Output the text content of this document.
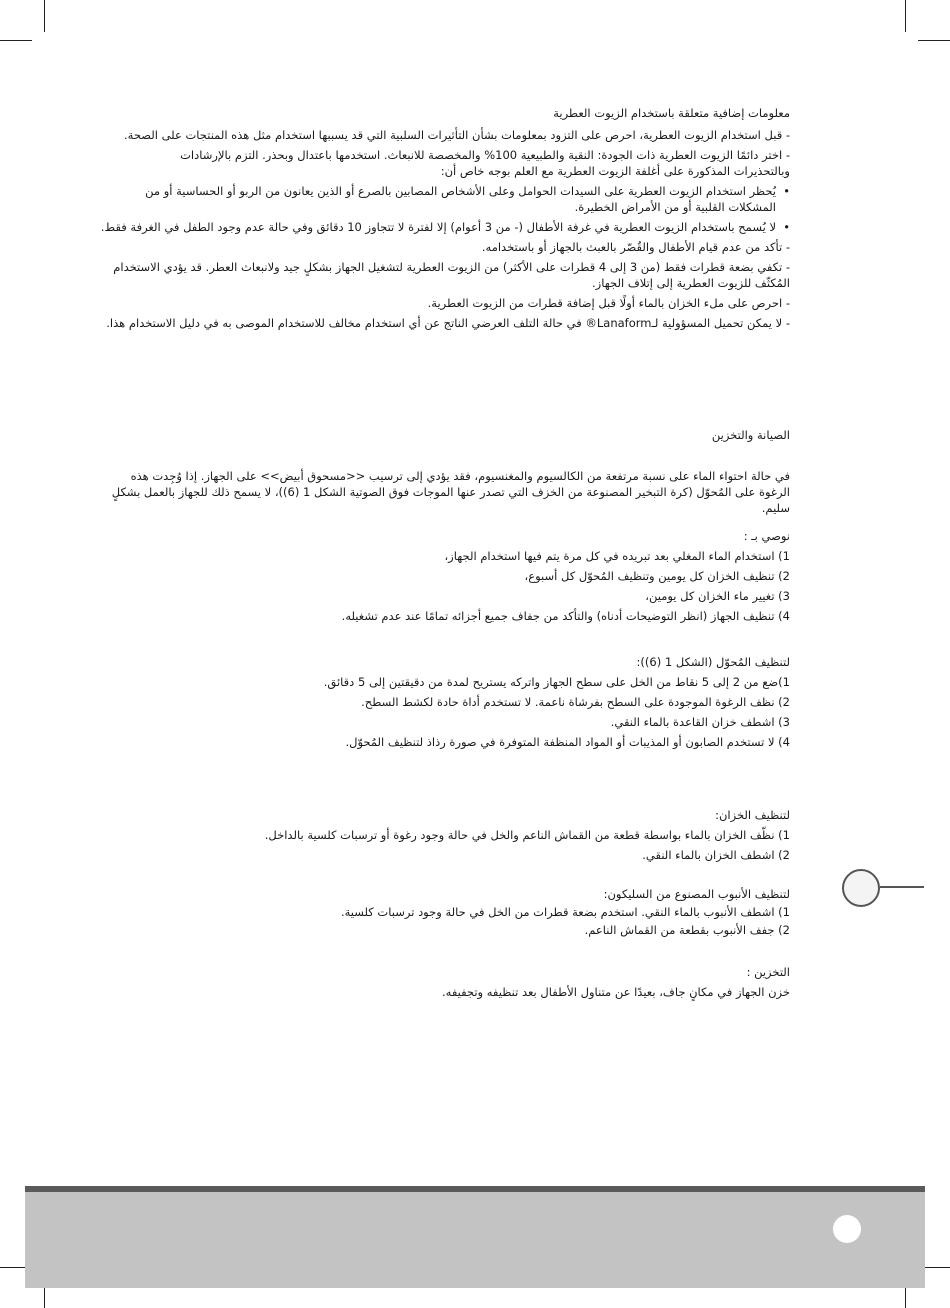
معلومات إضافية متعلقة باستخدام الزيوت العطرية
- قبل استخدام الزيوت العطرية، احرص على التزود بمعلومات بشأن التأثيرات السلبية التي قد يسببها استخدام مثل هذه المنتجات على الصحة.
- اختر دائمًا الزيوت العطرية ذات الجودة: النقية والطبيعية 100% والمخصصة للانبعاث. استخدمها باعتدال وبحذر. التزم بالإرشادات
وبالتحذيرات المذكورة على أغلفة الزيوت العطرية مع العلم بوجه خاص أن:
• يُحظر استخدام الزيوت العطرية على السيدات الحوامل وعلى الأشخاص المصابين بالصرع أو الذين يعانون من الربو أو الحساسية أو من المشكلات القلبية أو من الأمراض الخطيرة.
• لا يُسمح باستخدام الزيوت العطرية في غرفة الأطفال (- من 3 أعوام) إلا لفترة لا تتجاوز 10 دقائق وفي حالة عدم وجود الطفل في الغرفة فقط.
- تأكد من عدم قيام الأطفال والقُصّر بالعبث بالجهاز أو باستخدامه.
- تكفي بضعة قطرات فقط (من 3 إلى 4 قطرات على الأكثر) من الزيوت العطرية لتشغيل الجهاز بشكلٍ جيد ولانبعاث العطر. قد يؤدي الاستخدام المُكثّف للزيوت العطرية إلى إتلاف الجهاز.
- احرص على ملء الخزان بالماء أولًا قبل إضافة قطرات من الزيوت العطرية.
- لا يمكن تحميل المسؤولية لـLanaform® في حالة التلف العرضي الناتج عن أي استخدام مخالف للاستخدام الموصى به في دليل الاستخدام هذا.
الصيانة والتخزين
في حالة احتواء الماء على نسبة مرتفعة من الكالسيوم والمغنسيوم، فقد يؤدي إلى ترسيب <<مسحوق أبيض>> على الجهاز. إذا وُجِدت هذه الرغوة على المُحوّل (كرة التبخير المصنوعة من الخزف التي تصدر عنها الموجات فوق الصوتية الشكل 1 (6))، لا يسمح ذلك للجهاز بالعمل بشكلٍ سليم.
نوصي بـ :
1) استخدام الماء المغلي بعد تبريده في كل مرة يتم فيها استخدام الجهاز،
2) تنظيف الخزان كل يومين وتنظيف المُحوّل كل أسبوع،
3) تغيير ماء الخزان كل يومين،
4) تنظيف الجهاز (انظر التوضيحات أدناه) والتأكد من جفاف جميع أجزائه تمامًا عند عدم تشغيله.
لتنظيف المُحوّل (الشكل 1 (6)):
1)ضع من 2 إلى 5 نقاط من الخل على سطح الجهاز واتركه يستريح لمدة من دقيقتين إلى 5 دقائق.
2) نظف الرغوة الموجودة على السطح بفرشاة ناعمة. لا تستخدم أداة حادة لكشط السطح.
3) اشطف خزان القاعدة بالماء النقي.
4) لا تستخدم الصابون أو المذيبات أو المواد المنظفة المتوفرة في صورة رذاذ لتنظيف المُحوّل.
لتنظيف الخزان:
1) نظّف الخزان بالماء بواسطة قطعة من القماش الناعم والخل في حالة وجود رغوة أو ترسبات كلسية بالداخل.
2) اشطف الخزان بالماء النقي.
لتنظيف الأنبوب المصنوع من السليكون:
1) اشطف الأنبوب بالماء النقي. استخدم بضعة قطرات من الخل في حالة وجود ترسبات كلسية.
2) جفف الأنبوب بقطعة من القماش الناعم.
التخزين :
خزن الجهاز في مكانٍ جاف، بعيدًا عن متناول الأطفال بعد تنظيفه وتجفيفه.
